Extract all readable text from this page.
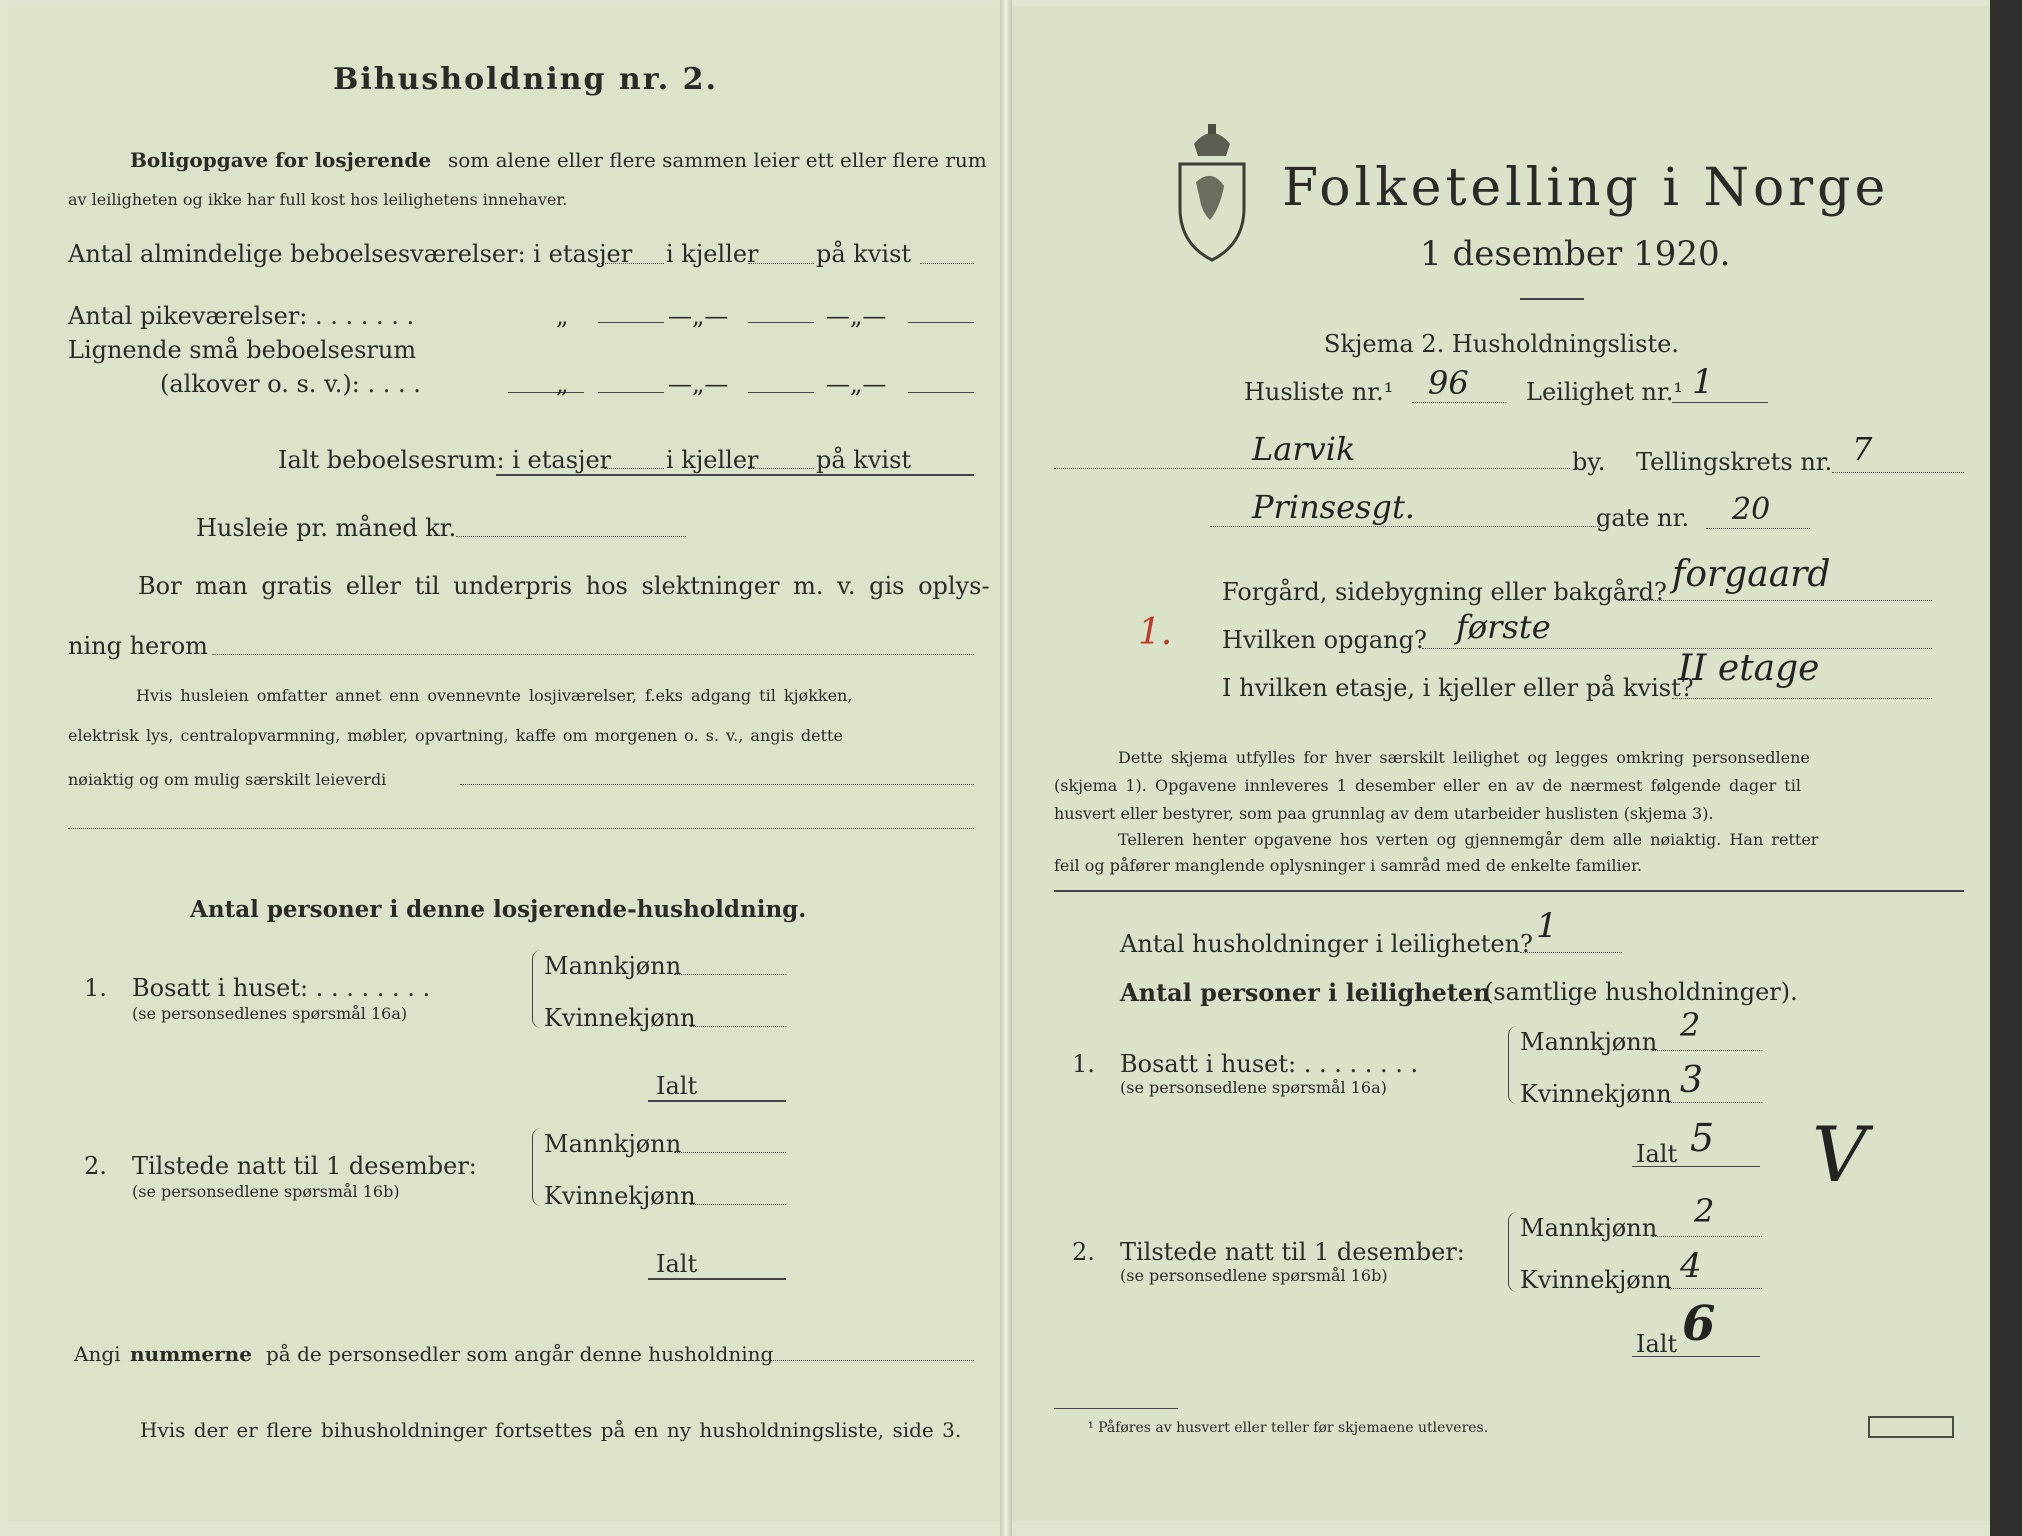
Bihusholdning nr. 2.
Boligopgave for losjerende som alene eller flere sammen leier ett eller flere rum
av leiligheten og ikke har full kost hos leilighetens innehaver.
Antal almindelige beboelsesværelser: i etasjer i kjeller på kvist
Antal pikeværelser: . . . . . . .	„	—„—	—„—
Lignende små beboelsesrum
(alkover o. s. v.): . . . .	„	—„—	—„—
Ialt beboelsesrum: i etasjer i kjeller på kvist
Husleie pr. måned kr.
Bor man gratis eller til underpris hos slektninger m. v. gis oplys-
ning herom
Hvis husleien omfatter annet enn ovennevnte losjiværelser, f.eks adgang til kjøkken,
elektrisk lys, centralopvarmning, møbler, opvartning, kaffe om morgenen o. s. v., angis dette
nøiaktig og om mulig særskilt leieverdi
Antal personer i denne losjerende-husholdning.
1. Bosatt i huset: . . . . . . . .
(se personsedlenes spørsmål 16a)
Mannkjønn
Kvinnekjønn
Ialt
2. Tilstede natt til 1 desember:
(se personsedlene spørsmål 16b)
Mannkjønn
Kvinnekjønn
Ialt
Angi nummerne på de personsedler som angår denne husholdning
Hvis der er flere bihusholdninger fortsettes på en ny husholdningsliste, side 3.
Folketelling i Norge
1 desember 1920.
Skjema 2. Husholdningsliste.
Husliste nr.¹ 96 Leilighet nr.¹ 1
Larvik	by. Tellingskrets nr. 7
Prinsesgt.	gate nr. 20
Forgård, sidebygning eller bakgård? forgaard
1. Hvilken opgang? første
I hvilken etasje, i kjeller eller på kvist?
II etage
Dette skjema utfylles for hver særskilt leilighet og legges omkring personsedlene
(skjema 1). Opgavene innleveres 1 desember eller en av de nærmest følgende dager til
husvert eller bestyrer, som paa grunnlag av dem utarbeider huslisten (skjema 3).
Telleren henter opgavene hos verten og gjennemgår dem alle nøiaktig. Han retter
feil og påfører manglende oplysninger i samråd med de enkelte familier.
Antal husholdninger i leiligheten? 1
Antal personer i leiligheten
(samtlige husholdninger).
1. Bosatt i huset: . . . . . . . .
(se personsedlene spørsmål 16a)
Mannkjønn 2
Kvinnekjønn 3
Ialt 5 V
2. Tilstede natt til 1 desember:
(se personsedlene spørsmål 16b)
Mannkjønn 2
Kvinnekjønn 4
Ialt 6
¹ Påføres av husvert eller teller før skjemaene utleveres.
